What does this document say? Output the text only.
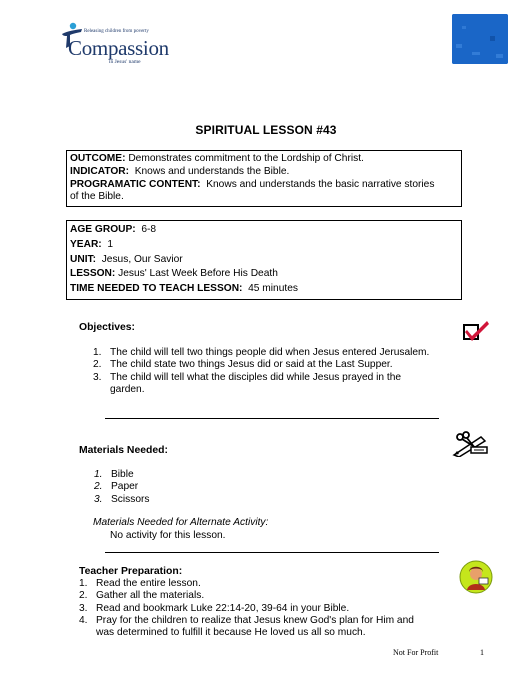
Releasing children from poverty
Compassion
in Jesus' name
SPIRITUAL LESSON #43
OUTCOME: Demonstrates commitment to the Lordship of Christ.
INDICATOR: Knows and understands the Bible.
PROGRAMATIC CONTENT: Knows and understands the basic narrative stories
of the Bible.
AGE GROUP: 6-8
YEAR: 1
UNIT: Jesus, Our Savior
LESSON: Jesus' Last Week Before His Death
TIME NEEDED TO TEACH LESSON: 45 minutes
Objectives:
1. The child will tell two things people did when Jesus entered Jerusalem.
2. The child state two things Jesus did or said at the Last Supper.
3. The child will tell what the disciples did while Jesus prayed in the
garden.
Materials Needed:
1. Bible
2. Paper
3. Scissors
Materials Needed for Alternate Activity:
No activity for this lesson.
Teacher Preparation:
1. Read the entire lesson.
2. Gather all the materials.
3. Read and bookmark Luke 22:14-20, 39-64 in your Bible.
4. Pray for the children to realize that Jesus knew God's plan for Him and
was determined to fulfill it because He loved us all so much.
Not For Profit	1
